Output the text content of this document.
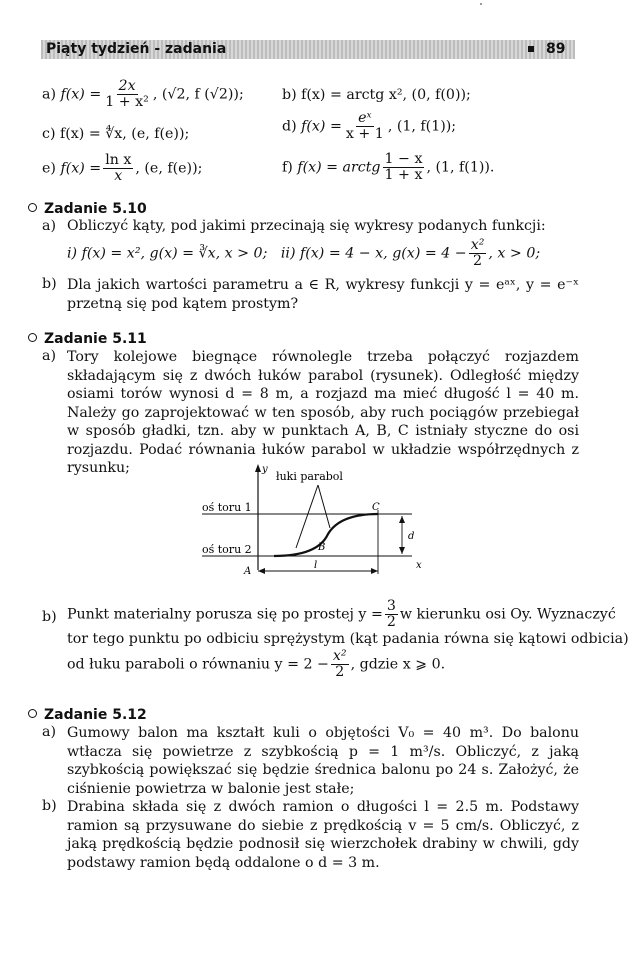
Piąty tydzień - zadania	89
a) $f(x) = \frac{2x}{\text{1 + x²}}$ , (√2, f (√2));	b) f(x) = arctg x², (0, f(0));
c) f(x) = ∜x, (e, f(e));	d) $f(x) = \frac{\text{eˣ}}{x + 1}$ , (1, f(1));
e) $f(x) = \frac{\text{ln x}}{x}$ , (e, f(e));	f) f(x) = arctg $\frac{1 - x}{1 + x}$ , (1, f(1)).
Zadanie 5.10
a) Obliczyć kąty, pod jakimi przecinają się wykresy podanych funkcji:
i) f(x) = x², g(x) = ∛x, x > 0; ii) f(x) = 4 − x, $g(x) = 4 - \frac{\text{x²}}{2}$ , x > 0;
b) Dla jakich wartości parametru a ∈ R, wykresy funkcji y = eᵃˣ, y = e⁻ˣ przetną się pod kątem prostym?
Zadanie 5.11
a) Tory kolejowe biegnące równolegle trzeba połączyć rozjazdem składającym się z dwóch łuków parabol (rysunek). Odległość między osiami torów wynosi d = 8 m, a rozjazd ma mieć długość l = 40 m. Należy go zaprojektować w ten sposób, aby ruch pociągów przebiegał w sposób gładki, tzn. aby w punktach A, B, C istniały styczne do osi rozjazdu. Podać równania łuków parabol w układzie współrzędnych z rysunku;	y
łuki parabol
oś toru 1
oś toru 2
A
B
C
d
l	x
b) Punkt materialny porusza się po prostej $y = \frac{3}{2}$ w kierunku osi Oy. Wyznaczyć
tor tego punktu po odbiciu sprężystym (kąt padania równa się kątowi odbicia)
od łuku paraboli o równaniu $y = 2 - \frac{\text{x²}}{2}$ , gdzie x ⩾ 0.
Zadanie 5.12
a) Gumowy balon ma kształt kuli o objętości V₀ = 40 m³. Do balonu wtłacza się powietrze z szybkością p = 1 m³/s. Obliczyć, z jaką szybkością powiększać się będzie średnica balonu po 24 s. Założyć, że ciśnienie powietrza w balonie jest stałe;
b) Drabina składa się z dwóch ramion o długości l = 2.5 m. Podstawy ramion są przysuwane do siebie z prędkością v = 5 cm/s. Obliczyć, z jaką prędkością będzie podnosił się wierzchołek drabiny w chwili, gdy podstawy ramion będą oddalone o d = 3 m.
